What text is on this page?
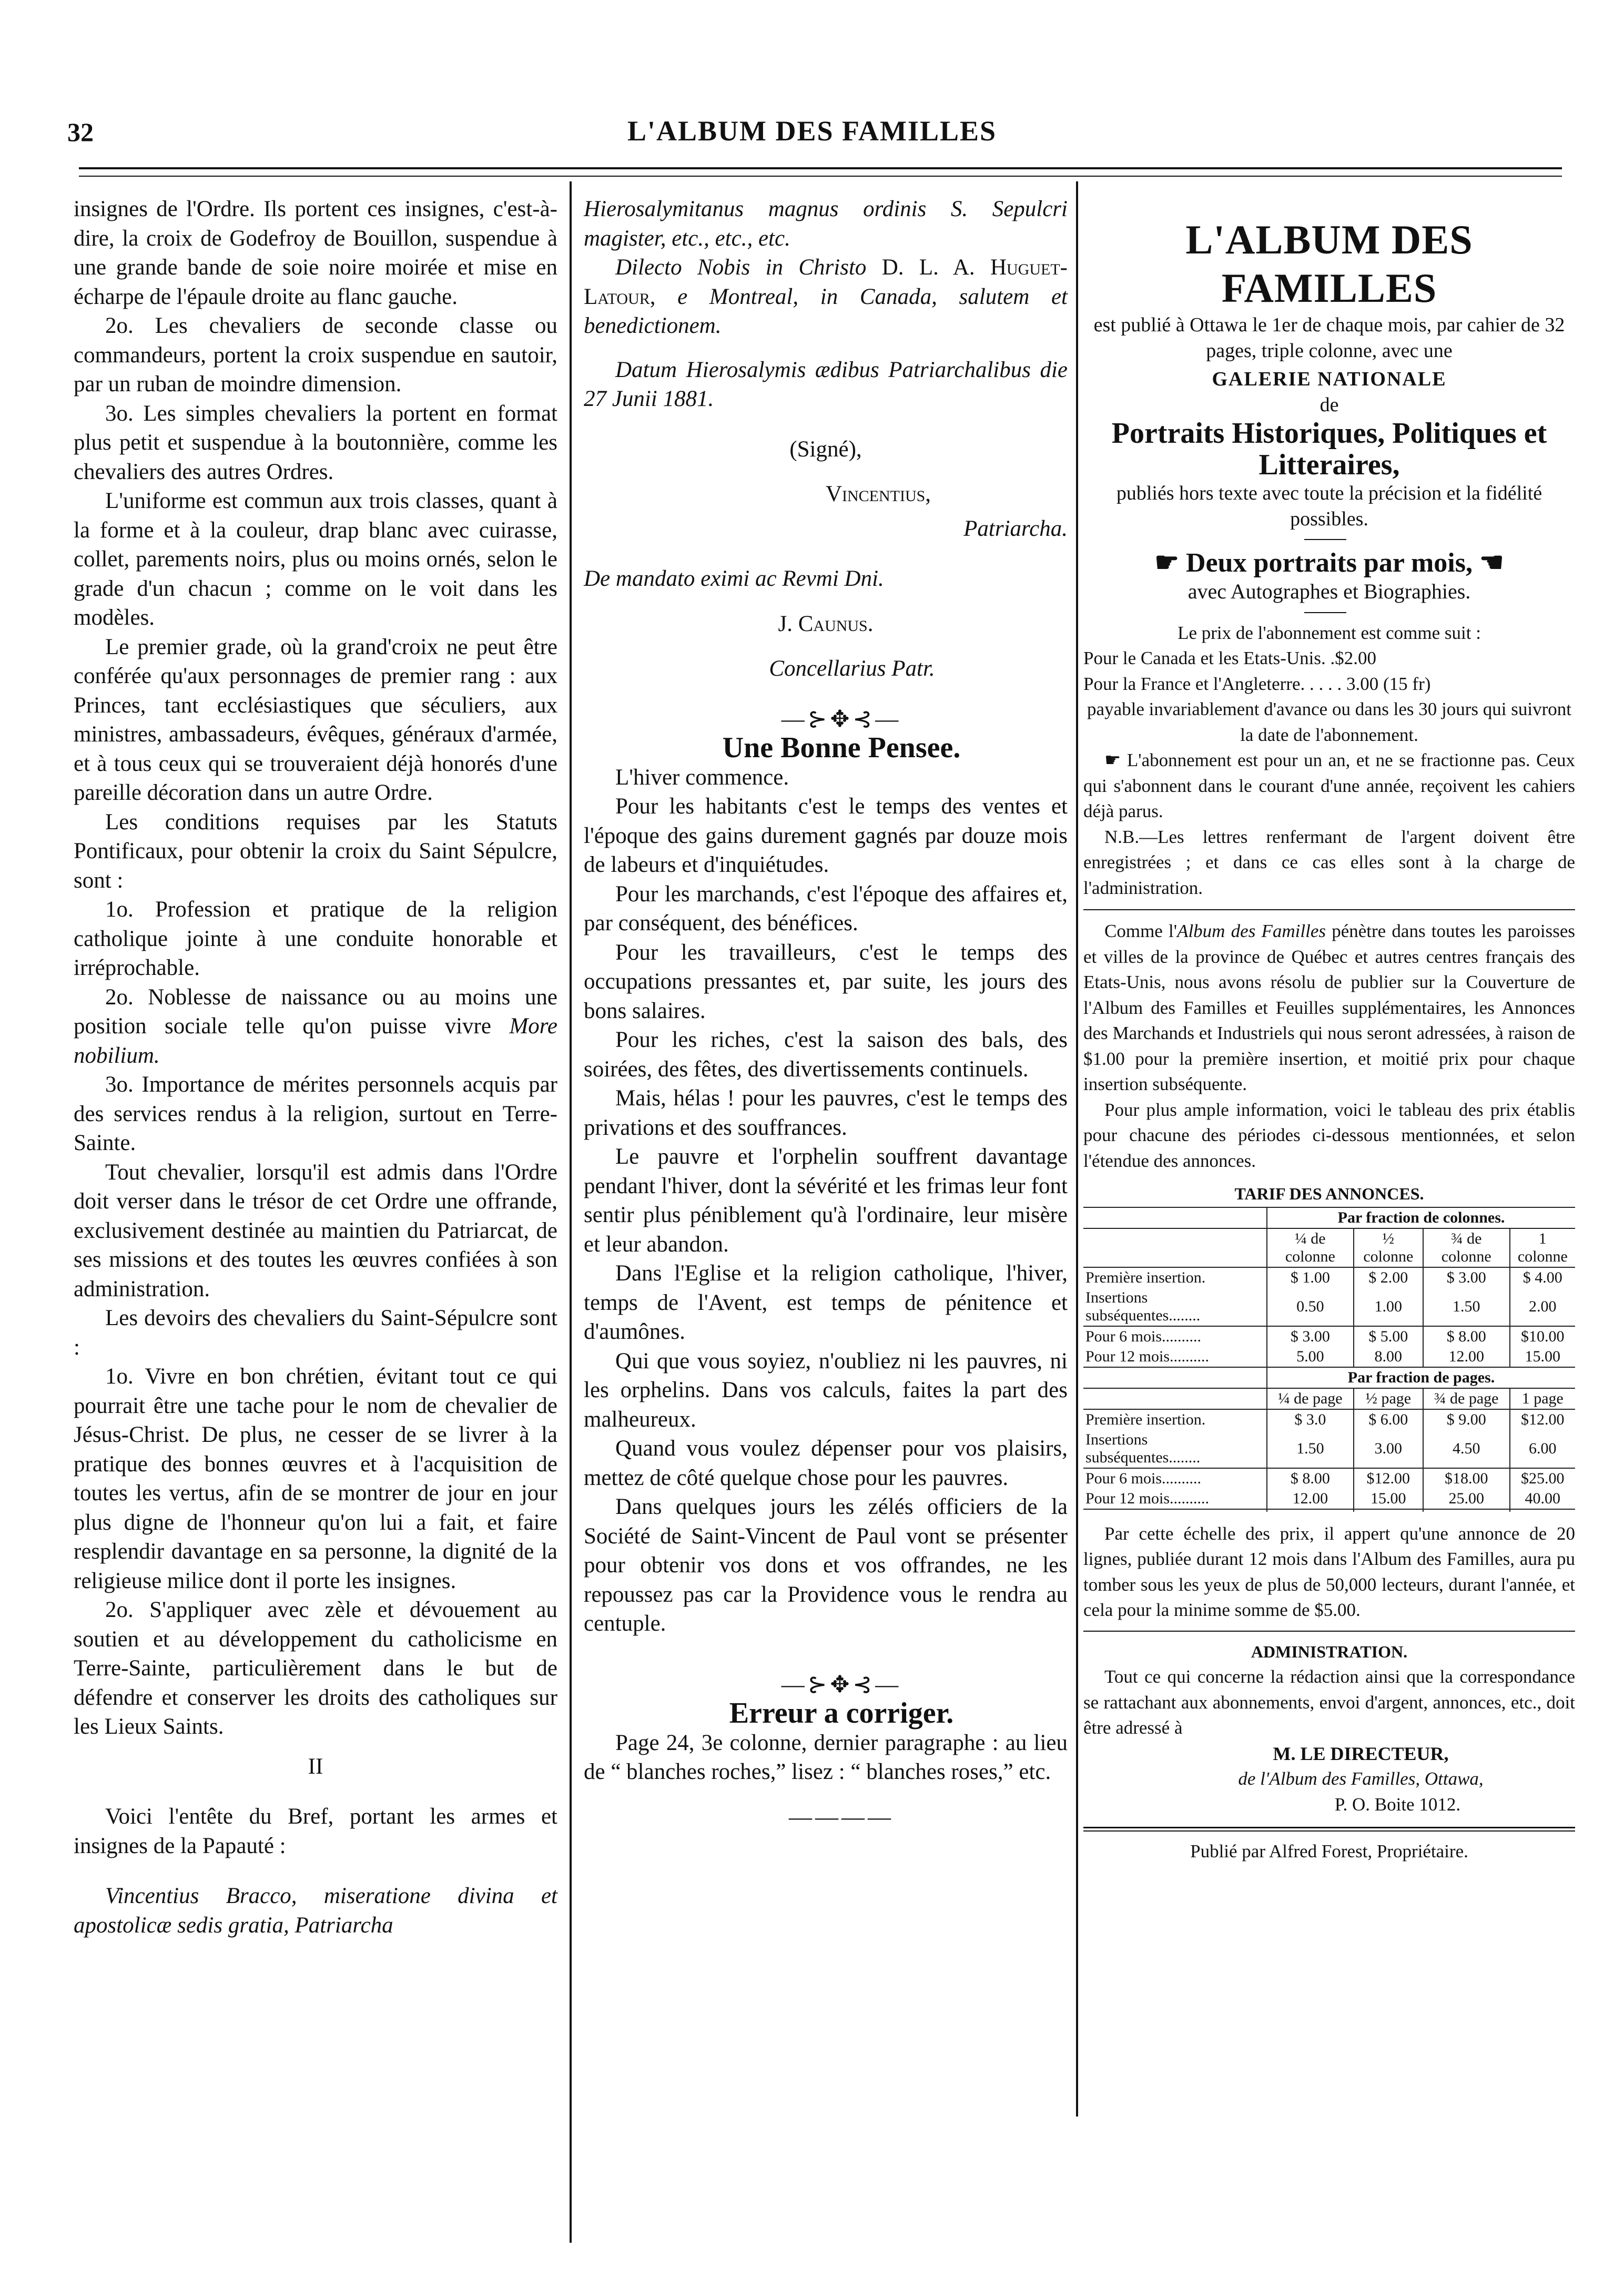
32	L'ALBUM DES FAMILLES

insignes de l'Ordre. Ils portent ces insignes, c'est-à-dire, la croix de Godefroy de Bouillon, suspendue à une grande bande de soie noire moirée et mise en écharpe de l'épaule droite au flanc gauche.

2o. Les chevaliers de seconde classe ou commandeurs, portent la croix suspendue en sautoir, par un ruban de moindre dimension.

3o. Les simples chevaliers la portent en format plus petit et suspendue à la boutonnière, comme les chevaliers des autres Ordres.

L'uniforme est commun aux trois classes, quant à la forme et à la couleur, drap blanc avec cuirasse, collet, parements noirs, plus ou moins ornés, selon le grade d'un chacun ; comme on le voit dans les modèles.

Le premier grade, où la grand'croix ne peut être conférée qu'aux personnages de premier rang : aux Princes, tant ecclésiastiques que séculiers, aux ministres, ambassadeurs, évêques, généraux d'armée, et à tous ceux qui se trouveraient déjà honorés d'une pareille décoration dans un autre Ordre.

Les conditions requises par les Statuts Pontificaux, pour obtenir la croix du Saint Sépulcre, sont :

1o. Profession et pratique de la religion catholique jointe à une conduite honorable et irréprochable.

2o. Noblesse de naissance ou au moins une position sociale telle qu'on puisse vivre More nobilium.

3o. Importance de mérites personnels acquis par des services rendus à la religion, surtout en Terre-Sainte.

Tout chevalier, lorsqu'il est admis dans l'Ordre doit verser dans le trésor de cet Ordre une offrande, exclusivement destinée au maintien du Patriarcat, de ses missions et des toutes les œuvres confiées à son administration.

Les devoirs des chevaliers du Saint-Sépulcre sont :

1o. Vivre en bon chrétien, évitant tout ce qui pourrait être une tache pour le nom de chevalier de Jésus-Christ. De plus, ne cesser de se livrer à la pratique des bonnes œuvres et à l'acquisition de toutes les vertus, afin de se montrer de jour en jour plus digne de l'honneur qu'on lui a fait, et faire resplendir davantage en sa personne, la dignité de la religieuse milice dont il porte les insignes.

2o. S'appliquer avec zèle et dévouement au soutien et au développement du catholicisme en Terre-Sainte, particulièrement dans le but de défendre et conserver les droits des catholiques sur les Lieux Saints.

II

Voici l'entête du Bref, portant les armes et insignes de la Papauté :

Vincentius Bracco, miseratione divina et apostolicæ sedis gratia, Patriarcha

Hierosalymitanus magnus ordinis S. Sepulcri magister, etc., etc., etc.

Dilecto Nobis in Christo D. L. A. Huguet-Latour, e Montreal, in Canada, salutem et benedictionem.

Datum Hierosalymis ædibus Patriarchalibus die 27 Junii 1881.

(Signé),

Vincentius,

Patriarcha.

De mandato eximi ac Revmi Dni.

J. Caunus.

Concellarius Patr.

—⊱✥⊰—

Une Bonne Pensee.

L'hiver commence.

Pour les habitants c'est le temps des ventes et l'époque des gains durement gagnés par douze mois de labeurs et d'inquiétudes.

Pour les marchands, c'est l'époque des affaires et, par conséquent, des bénéfices.

Pour les travailleurs, c'est le temps des occupations pressantes et, par suite, les jours des bons salaires.

Pour les riches, c'est la saison des bals, des soirées, des fêtes, des divertissements continuels.

Mais, hélas ! pour les pauvres, c'est le temps des privations et des souffrances.

Le pauvre et l'orphelin souffrent davantage pendant l'hiver, dont la sévérité et les frimas leur font sentir plus péniblement qu'à l'ordinaire, leur misère et leur abandon.

Dans l'Eglise et la religion catholique, l'hiver, temps de l'Avent, est temps de pénitence et d'aumônes.

Qui que vous soyiez, n'oubliez ni les pauvres, ni les orphelins. Dans vos calculs, faites la part des malheureux.

Quand vous voulez dépenser pour vos plaisirs, mettez de côté quelque chose pour les pauvres.

Dans quelques jours les zélés officiers de la Société de Saint-Vincent de Paul vont se présenter pour obtenir vos dons et vos offrandes, ne les repoussez pas car la Providence vous le rendra au centuple.

—⊱✥⊰—

Erreur a corriger.

Page 24, 3e colonne, dernier paragraphe : au lieu de “ blanches roches,” lisez : “ blanches roses,” etc.

————

L'ALBUM DES FAMILLES

est publié à Ottawa le 1er de chaque mois, par cahier de 32 pages, triple colonne, avec une

GALERIE NATIONALE

de

Portraits Historiques, Politiques et Litteraires,

publiés hors texte avec toute la précision et la fidélité possibles.

☛ Deux portraits par mois, ☚

avec Autographes et Biographies.

Le prix de l'abonnement est comme suit :

Pour le Canada et les Etats-Unis. .$2.00

Pour la France et l'Angleterre. . . . . 3.00 (15 fr)

payable invariablement d'avance ou dans les 30 jours qui suivront la date de l'abonnement.

☛ L'abonnement est pour un an, et ne se fractionne pas. Ceux qui s'abonnent dans le courant d'une année, reçoivent les cahiers déjà parus.

N.B.—Les lettres renfermant de l'argent doivent être enregistrées ; et dans ce cas elles sont à la charge de l'administration.

Comme l'Album des Familles pénètre dans toutes les paroisses et villes de la province de Québec et autres centres français des Etats-Unis, nous avons résolu de publier sur la Couverture de l'Album des Familles et Feuilles supplémentaires, les Annonces des Marchands et Industriels qui nous seront adressées, à raison de $1.00 pour la première insertion, et moitié prix pour chaque insertion subséquente.

Pour plus ample information, voici le tableau des prix établis pour chacune des périodes ci-dessous mentionnées, et selon l'étendue des annonces.

TARIF DES ANNONCES.

	Par fraction de colonnes.			
	¼ de colonne	½ colonne	¾ de colonne	1 colonne
Première insertion.	$ 1.00	$ 2.00	$ 3.00	$ 4.00
Insertions subséquentes........	0.50	1.00	1.50	2.00
Pour 6 mois..........	$ 3.00	$ 5.00	$ 8.00	$10.00
Pour 12 mois..........	5.00	8.00	12.00	15.00
	Par fraction de pages.			
	¼ de page	½ page	¾ de page	1 page
Première insertion.	$ 3.0	$ 6.00	$ 9.00	$12.00
Insertions subséquentes........	1.50	3.00	4.50	6.00
Pour 6 mois..........	$ 8.00	$12.00	$18.00	$25.00
Pour 12 mois..........	12.00	15.00	25.00	40.00

Par cette échelle des prix, il appert qu'une annonce de 20 lignes, publiée durant 12 mois dans l'Album des Familles, aura pu tomber sous les yeux de plus de 50,000 lecteurs, durant l'année, et cela pour la minime somme de $5.00.

ADMINISTRATION.

Tout ce qui concerne la rédaction ainsi que la correspondance se rattachant aux abonnements, envoi d'argent, annonces, etc., doit être adressé à

M. LE DIRECTEUR,

de l'Album des Familles, Ottawa,

P. O. Boite 1012.

Publié par Alfred Forest, Propriétaire.
